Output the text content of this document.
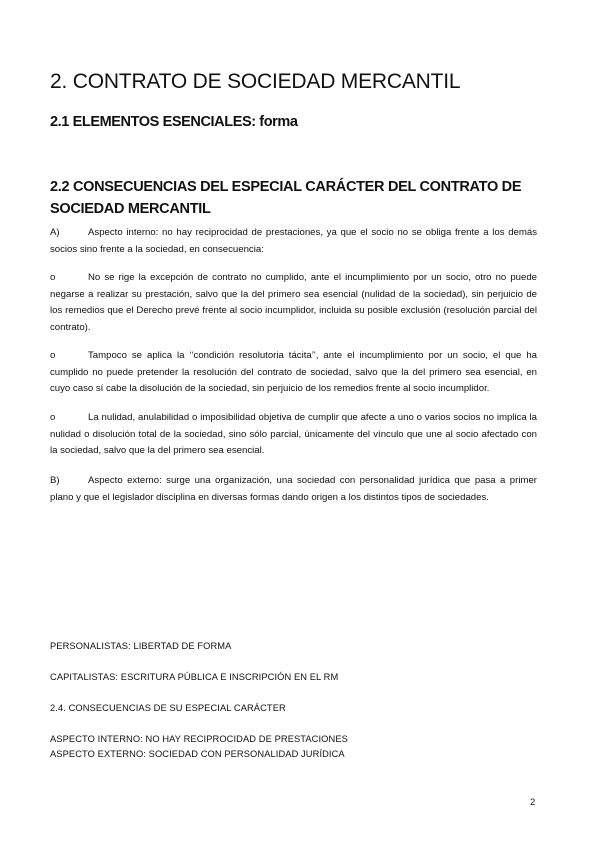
2. CONTRATO DE SOCIEDAD MERCANTIL
2.1 ELEMENTOS ESENCIALES: forma
2.2 CONSECUENCIAS DEL ESPECIAL CARÁCTER DEL CONTRATO DE SOCIEDAD MERCANTIL

A)	Aspecto interno: no hay reciprocidad de prestaciones, ya que el socio no se obliga frente a los demás socios sino frente a la sociedad, en consecuencia:

o	No se rige la excepción de contrato no cumplido, ante el incumplimiento por un socio, otro no puede negarse a realizar su prestación, salvo que la del primero sea esencial (nulidad de la sociedad), sin perjuicio de los remedios que el Derecho prevé frente al socio incumplidor, incluida su posible exclusión (resolución parcial del contrato).

o	Tampoco se aplica la ‘‘condición resolutoria tácita’’, ante el incumplimiento por un socio, el que ha cumplido no puede pretender la resolución del contrato de sociedad, salvo que la del primero sea esencial, en cuyo caso sí cabe la disolución de la sociedad, sin perjuicio de los remedios frente al socio incumplidor.

o	La nulidad, anulabilidad o imposibilidad objetiva de cumplir que afecte a uno o varios socios no implica la nulidad o disolución total de la sociedad, sino sólo parcial, únicamente del vínculo que une al socio afectado con la sociedad, salvo que la del primero sea esencial.

B)	Aspecto externo: surge una organización, una sociedad con personalidad jurídica que pasa a primer plano y que el legislador disciplina en diversas formas dando origen a los distintos tipos de sociedades.

PERSONALISTAS: LIBERTAD DE FORMA

CAPITALISTAS: ESCRITURA PÚBLICA E INSCRIPCIÓN EN EL RM

2.4. CONSECUENCIAS DE SU ESPECIAL CARÁCTER

ASPECTO INTERNO: NO HAY RECIPROCIDAD DE PRESTACIONES

ASPECTO EXTERNO: SOCIEDAD CON PERSONALIDAD JURÍDICA

2
